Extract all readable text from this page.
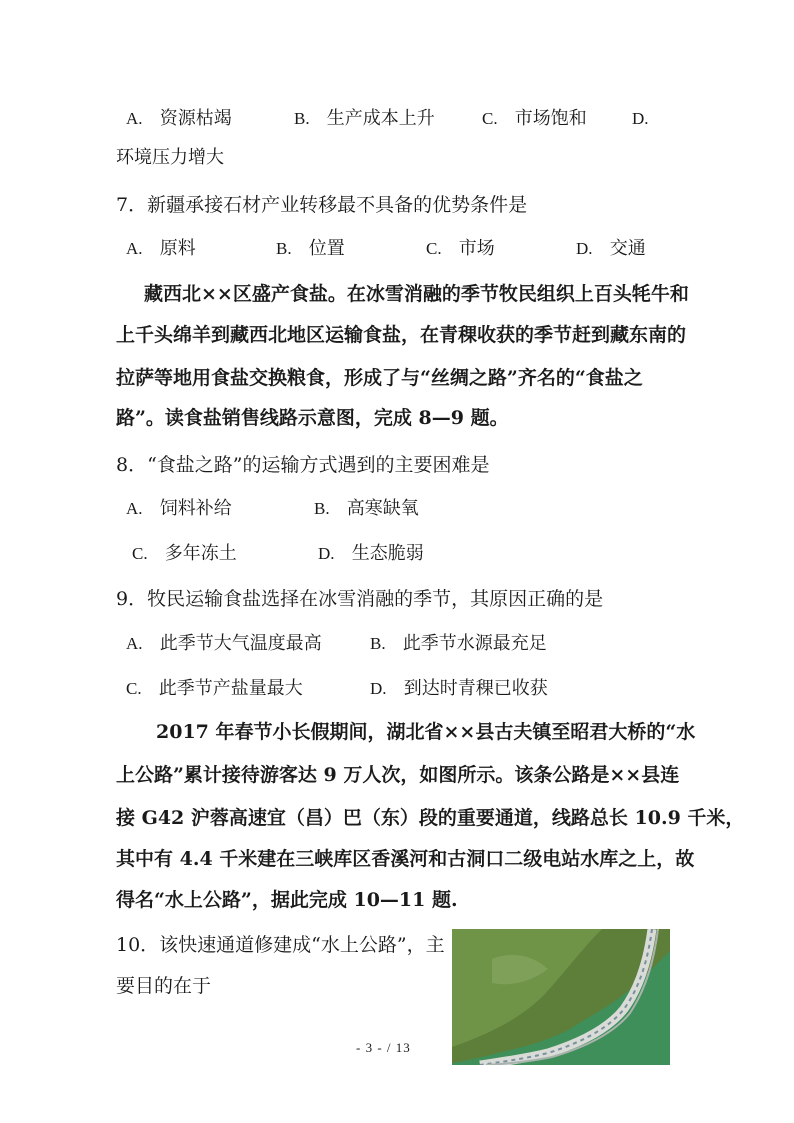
A. 资源枯竭	B. 生产成本上升	C. 市场饱和	D.
环境压力增大
7．新疆承接石材产业转移最不具备的优势条件是
A. 原料	B. 位置	C. 市场	D. 交通
藏西北××区盛产食盐。在冰雪消融的季节牧民组织上百头牦牛和
上千头绵羊到藏西北地区运输食盐，在青稞收获的季节赶到藏东南的
拉萨等地用食盐交换粮食，形成了与“丝绸之路”齐名的“食盐之
路”。读食盐销售线路示意图，完成 8—9 题。
8．“食盐之路”的运输方式遇到的主要困难是
A. 饲料补给	B. 高寒缺氧
C. 多年冻土	D. 生态脆弱
9．牧民运输食盐选择在冰雪消融的季节，其原因正确的是
A. 此季节大气温度最高	B. 此季节水源最充足
C. 此季节产盐量最大	D. 到达时青稞已收获
2017 年春节小长假期间，湖北省××县古夫镇至昭君大桥的“水
上公路”累计接待游客达 9 万人次，如图所示。该条公路是××县连
接 G42 沪蓉高速宜（昌）巴（东）段的重要通道，线路总长 10.9 千米，
其中有 4.4 千米建在三峡库区香溪河和古洞口二级电站水库之上，故
得名“水上公路”，据此完成 10—11 题.
10．该快速通道修建成“水上公路”，主
要目的在于
- 3 - / 13
